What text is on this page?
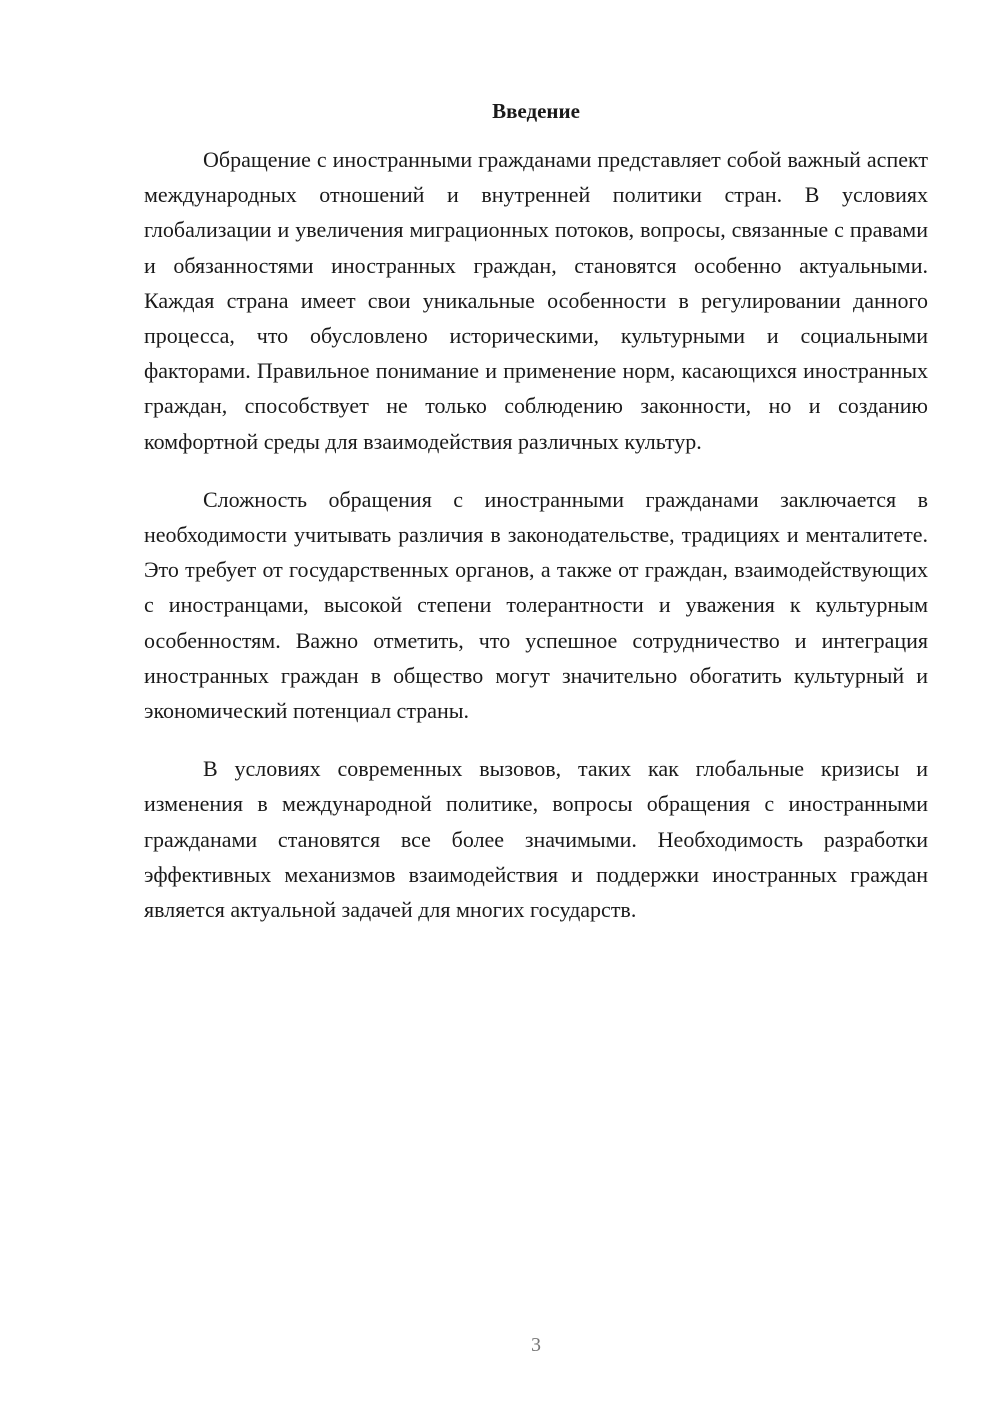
Введение

Обращение с иностранными гражданами представляет собой важный аспект международных отношений и внутренней политики стран. В условиях глобализации и увеличения миграционных потоков, вопросы, связанные с правами и обязанностями иностранных граждан, становятся особенно актуальными. Каждая страна имеет свои уникальные особенности в регулировании данного процесса, что обусловлено историческими, культурными и социальными факторами. Правильное понимание и применение норм, касающихся иностранных граждан, способствует не только соблюдению законности, но и созданию комфортной среды для взаимодействия различных культур.

Сложность обращения с иностранными гражданами заключается в необходимости учитывать различия в законодательстве, традициях и менталитете. Это требует от государственных органов, а также от граждан, взаимодействующих с иностранцами, высокой степени толерантности и уважения к культурным особенностям. Важно отметить, что успешное сотрудничество и интеграция иностранных граждан в общество могут значительно обогатить культурный и экономический потенциал страны.

В условиях современных вызовов, таких как глобальные кризисы и изменения в международной политике, вопросы обращения с иностранными гражданами становятся все более значимыми. Необходимость разработки эффективных механизмов взаимодействия и поддержки иностранных граждан является актуальной задачей для многих государств.

3
